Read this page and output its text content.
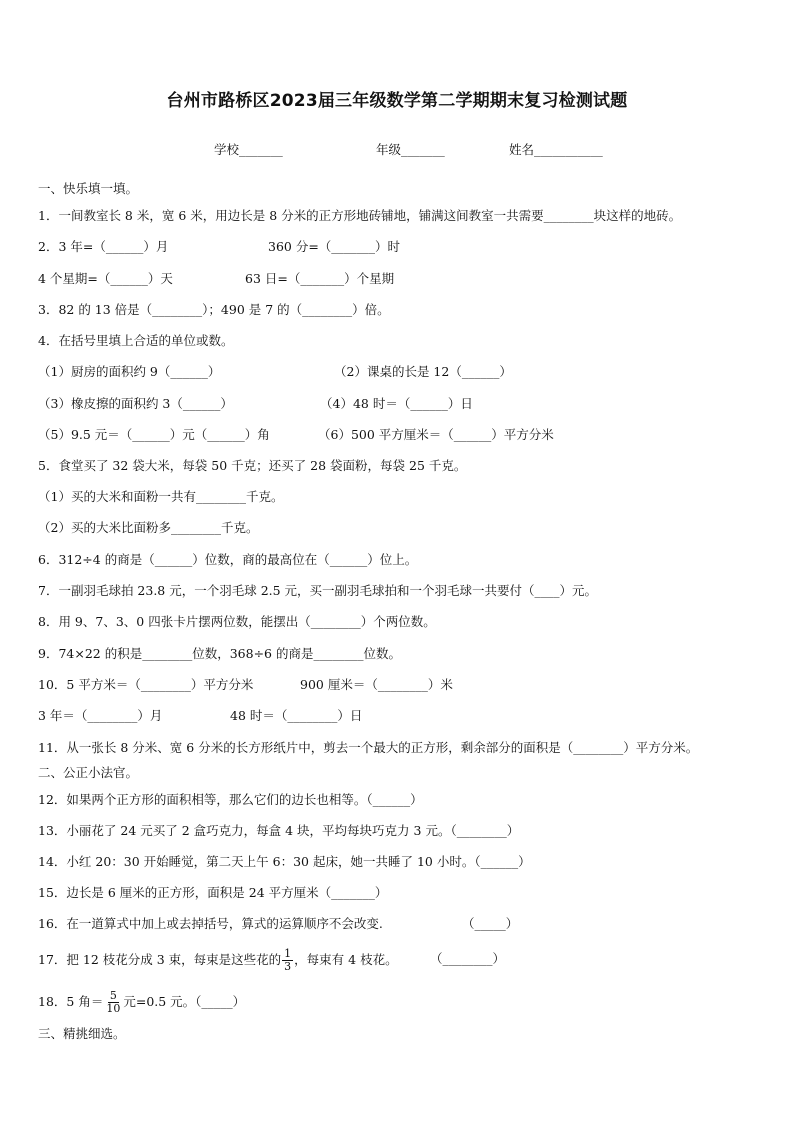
台州市路桥区2023届三年级数学第二学期期末复习检测试题
学校_______	年级_______	姓名___________
一、快乐填一填。
1．一间教室长 8 米，宽 6 米，用边长是 8 分米的正方形地砖铺地，铺满这间教室一共需要________块这样的地砖。
2．3 年=（______）月	360 分=（_______）时
4 个星期=（______）天	63 日=（_______）个星期
3．82 的 13 倍是（________）；490 是 7 的（________）倍。
4．在括号里填上合适的单位或数。
（1）厨房的面积约 9（______）	（2）课桌的长是 12（______）
（3）橡皮擦的面积约 3（______）	（4）48 时＝（______）日
（5）9.5 元＝（______）元（______）角	（6）500 平方厘米＝（______）平方分米
5．食堂买了 32 袋大米，每袋 50 千克；还买了 28 袋面粉，每袋 25 千克。
（1）买的大米和面粉一共有________千克。
（2）买的大米比面粉多________千克。
6．312÷4 的商是（______）位数，商的最高位在（______）位上。
7．一副羽毛球拍 23.8 元，一个羽毛球 2.5 元，买一副羽毛球拍和一个羽毛球一共要付（____）元。
8．用 9、7、3、0 四张卡片摆两位数，能摆出（________）个两位数。
9．74×22 的积是________位数，368÷6 的商是________位数。
10．5 平方米＝（________）平方分米	900 厘米＝（________）米
3 年＝（________）月	48 时＝（________）日
11．从一张长 8 分米、宽 6 分米的长方形纸片中，剪去一个最大的正方形，剩余部分的面积是（________）平方分米。
二、公正小法官。
12．如果两个正方形的面积相等，那么它们的边长也相等。（______）
13．小丽花了 24 元买了 2 盒巧克力，每盒 4 块，平均每块巧克力 3 元。（________）
14．小红 20：30 开始睡觉，第二天上午 6：30 起床，她一共睡了 10 小时。（______）
15．边长是 6 厘米的正方形，面积是 24 平方厘米（_______）
16．在一道算式中加上或去掉括号，算式的运算顺序不会改变.	（_____）
17．把 12 枝花分成 3 束，每束是这些花的 $\frac{1}{3}$ ，每束有 4 枝花。	（________）
18．5 角＝ $\frac{5}{10}$ 元=0.5 元。（_____）
三、精挑细选。
